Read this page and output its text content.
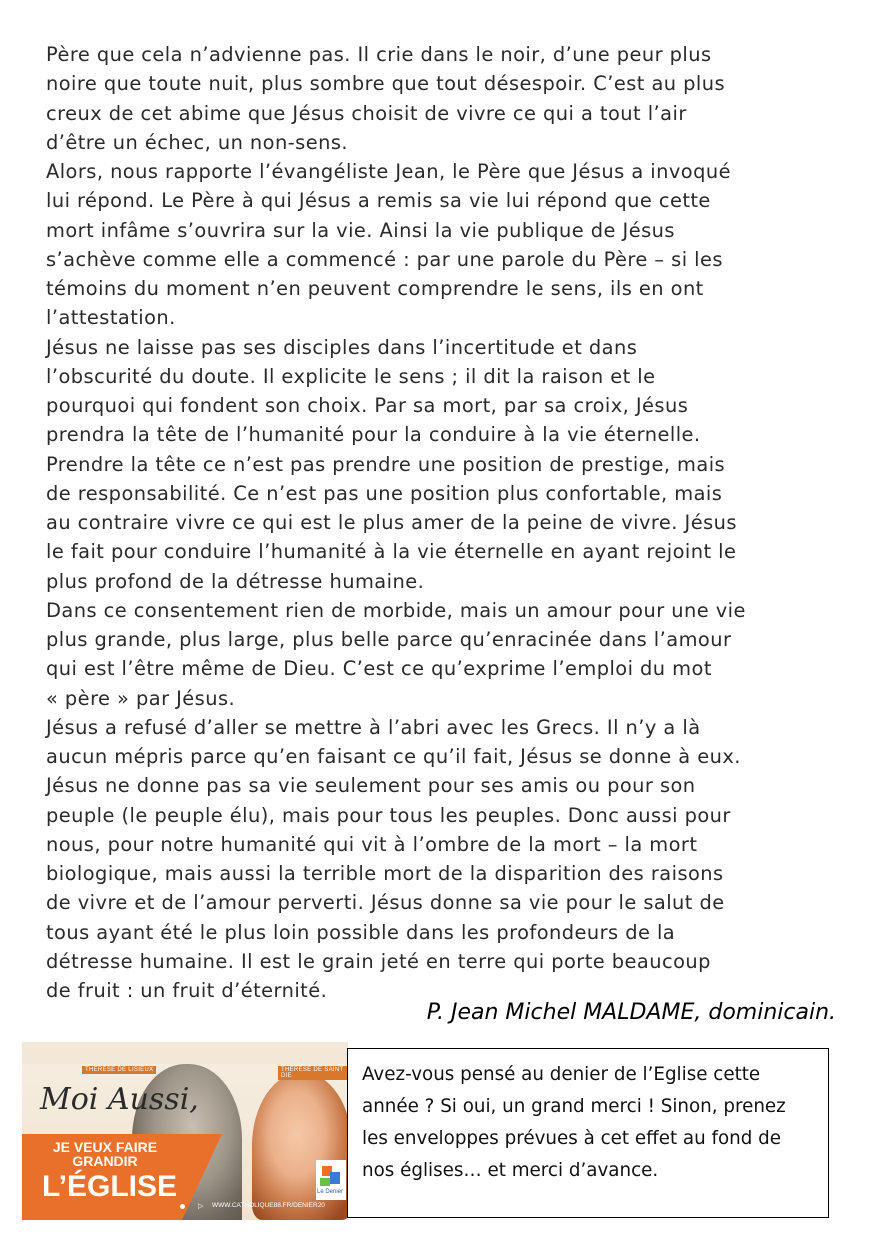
Père que cela n’advienne pas. Il crie dans le noir, d’une peur plus
noire que toute nuit, plus sombre que tout désespoir. C’est au plus
creux de cet abime que Jésus choisit de vivre ce qui a tout l’air
d’être un échec, un non-sens.
Alors, nous rapporte l’évangéliste Jean, le Père que Jésus a invoqué
lui répond. Le Père à qui Jésus a remis sa vie lui répond que cette
mort infâme s’ouvrira sur la vie. Ainsi la vie publique de Jésus
s’achève comme elle a commencé : par une parole du Père – si les
témoins du moment n’en peuvent comprendre le sens, ils en ont
l’attestation.
Jésus ne laisse pas ses disciples dans l’incertitude et dans
l’obscurité du doute. Il explicite le sens ; il dit la raison et le
pourquoi qui fondent son choix. Par sa mort, par sa croix, Jésus
prendra la tête de l’humanité pour la conduire à la vie éternelle.
Prendre la tête ce n’est pas prendre une position de prestige, mais
de responsabilité. Ce n’est pas une position plus confortable, mais
au contraire vivre ce qui est le plus amer de la peine de vivre. Jésus
le fait pour conduire l’humanité à la vie éternelle en ayant rejoint le
plus profond de la détresse humaine.
Dans ce consentement rien de morbide, mais un amour pour une vie
plus grande, plus large, plus belle parce qu’enracinée dans l’amour
qui est l’être même de Dieu. C’est ce qu’exprime l’emploi du mot
« père » par Jésus.
Jésus a refusé d’aller se mettre à l’abri avec les Grecs. Il n’y a là
aucun mépris parce qu’en faisant ce qu’il fait, Jésus se donne à eux.
Jésus ne donne pas sa vie seulement pour ses amis ou pour son
peuple (le peuple élu), mais pour tous les peuples. Donc aussi pour
nous, pour notre humanité qui vit à l’ombre de la mort – la mort
biologique, mais aussi la terrible mort de la disparition des raisons
de vivre et de l’amour perverti. Jésus donne sa vie pour le salut de
tous ayant été le plus loin possible dans les profondeurs de la
détresse humaine. Il est le grain jeté en terre qui porte beaucoup
de fruit : un fruit d’éternité.
P. Jean Michel MALDAME, dominicain.
THÉRÈSE DE LISIEUX	THÉRÈSE DE SAINT DIE
Moi Aussi,
JE VEUX FAIRE
GRANDIR
L’ÉGLISE
▷ WWW.CATHOLIQUE88.FR/DENIER20
Le Denier
Avez-vous pensé au denier de l’Eglise cette
année ? Si oui, un grand merci ! Sinon, prenez
les enveloppes prévues à cet effet au fond de
nos églises… et merci d’avance.
